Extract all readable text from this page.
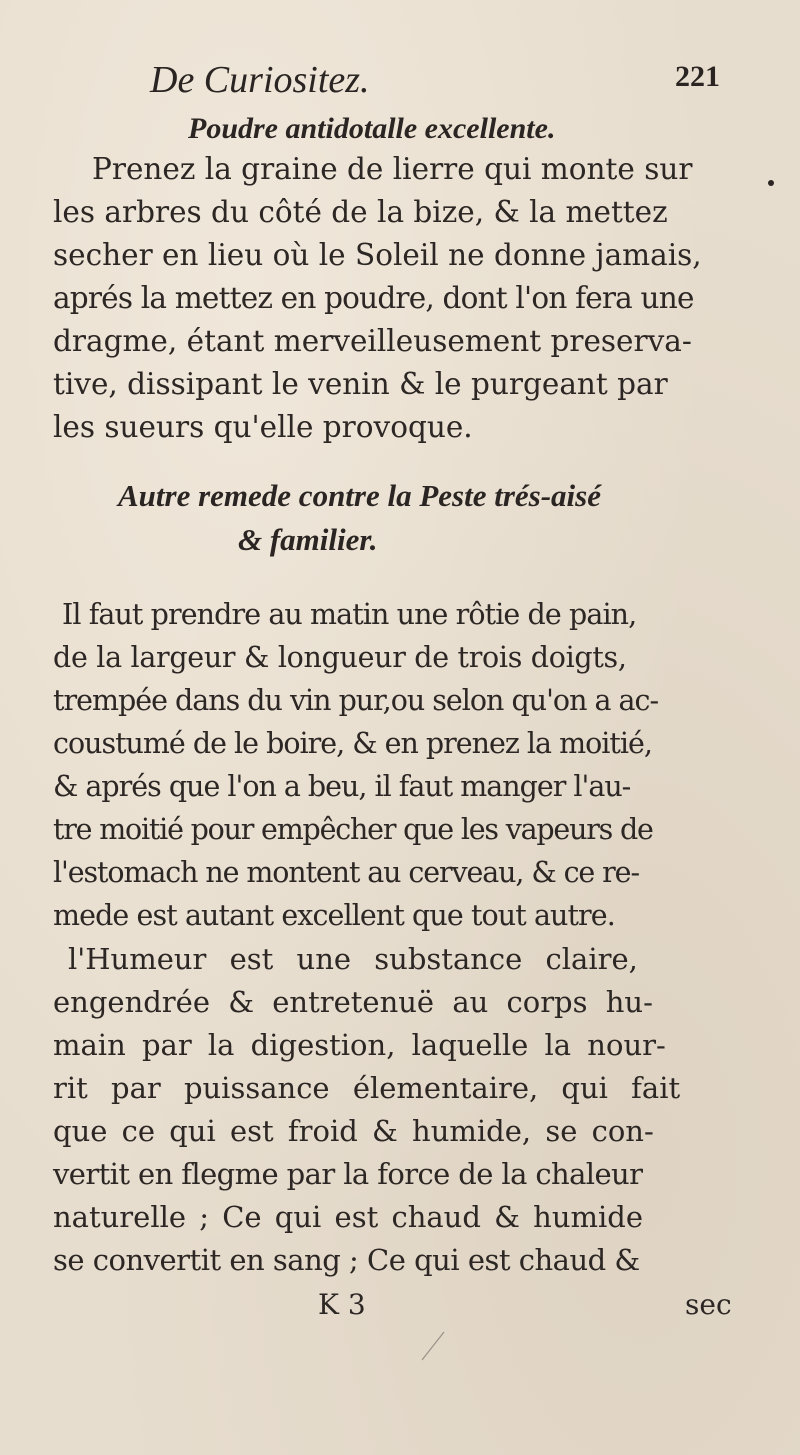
De Curiositez.	221
Poudre antidotalle excellente.
Prenez la graine de lierre qui monte sur
les arbres du côté de la bize, & la mettez
secher en lieu où le Soleil ne donne jamais,
aprés la mettez en poudre, dont l'on fera une
dragme, étant merveilleusement preserva-
tive, dissipant le venin & le purgeant par
les sueurs qu'elle provoque.
Autre remede contre la Peste trés-aisé
& familier.
Il faut prendre au matin une rôtie de pain,
de la largeur & longueur de trois doigts,
trempée dans du vin pur,ou selon qu'on a ac-
coustumé de le boire, & en prenez la moitié,
& aprés que l'on a beu, il faut manger l'au-
tre moitié pour empêcher que les vapeurs de
l'estomach ne montent au cerveau, & ce re-
mede est autant excellent que tout autre.
l'Humeur est une substance claire,
engendrée & entretenuë au corps hu-
main par la digestion, laquelle la nour-
rit par puissance élementaire, qui fait
que ce qui est froid & humide, se con-
vertit en flegme par la force de la chaleur
naturelle ; Ce qui est chaud & humide
se convertit en sang ; Ce qui est chaud &
K 3	sec
